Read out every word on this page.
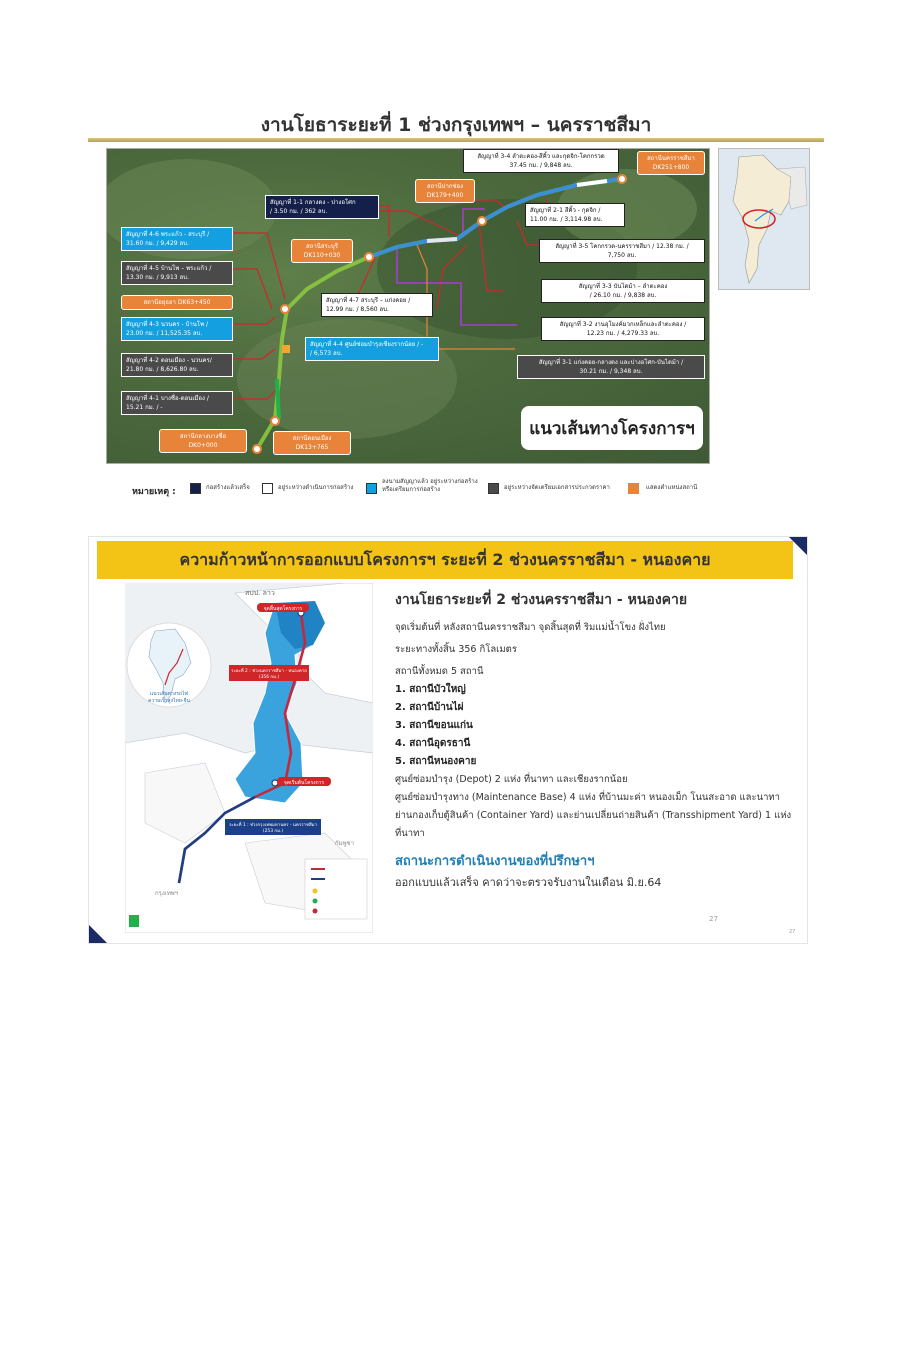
งานโยธาระยะที่ 1 ช่วงกรุงเทพฯ – นครราชสีมา
สัญญาที่ 1-1 กลางดง - ปางอโศก
/ 3.50 กม. / 362 ลบ.
สัญญาที่ 3-4 ลำตะคอง-สีคิ้ว และกุดจิก-โคกกรวด
37.45 กม. / 9,848 ลบ.
สัญญาที่ 2-1 สีคิ้ว - กุดจิก /
11.00 กม. / 3,114.98 ลบ.
สัญญาที่ 3-5 โคกกรวด-นครราชสีมา / 12.38 กม. /
7,750 ลบ.
สัญญาที่ 3-3 บันไดม้า – ลำตะคอง
/ 26.10 กม. / 9,838 ลบ.
สัญญาที่ 3-2 งานอุโมงค์มวกเหล็กและลำตะคอง /
12.23 กม. / 4,279.33 ลบ.
สัญญาที่ 3-1 แก่งคอย-กลางดง และปางอโศก-บันไดม้า /
30.21 กม. / 9,348 ลบ.
สัญญาที่ 4-7 สระบุรี – แก่งคอย /
12.99 กม. / 8,560 ลบ.
สัญญาที่ 4-4 ศูนย์ซ่อมบำรุงเชียงรากน้อย / -
/ 6,573 ลบ.
สัญญาที่ 4-6 พระแก้ว - สระบุรี /
31.60 กม. / 9,429 ลบ.
สัญญาที่ 4-5 บ้านโพ – พระแก้ว /
13.30 กม. / 9,913 ลบ.
สถานีอยุธยา DK63+450
สัญญาที่ 4-3 นวนคร - บ้านโพ /
23.00 กม. / 11,525.35 ลบ.
สัญญาที่ 4-2 ดอนเมือง - นวนคร/
21.80 กม. / 8,626.80 ลบ.
สัญญาที่ 4-1 บางซื่อ-ดอนเมือง /
15.21 กม. / -
สถานีนครราชสีมา
DK251+800
สถานีปากช่อง
DK179+400
สถานีสระบุรี
DK110+030
สถานีกลางบางซื่อ
DK0+000
สถานีดอนเมือง
DK13+765
แนวเส้นทางโครงการฯ
หมายเหตุ :	ก่อสร้างแล้วเสร็จ	อยู่ระหว่างดำเนินการก่อสร้าง
ลงนามสัญญาแล้ว อยู่ระหว่างก่อสร้าง
หรือเตรียมการก่อสร้าง	อยู่ระหว่างจัดเตรียมเอกสารประกวดราคา	แสดงตำแหน่งสถานี
ความก้าวหน้าการออกแบบโครงการฯ ระยะที่ 2 ช่วงนครราชสีมา - หนองคาย
แนวเส้นทางรถไฟ
ความเร็วสูงไทย-จีน
จุดสิ้นสุดโครงการ
จุดเริ่มต้นโครงการ
ระยะที่ 2 : ช่วงนครราชสีมา - หนองคาย
(356 กม.)
ระยะที่ 1 : ช่วงกรุงเทพมหานคร - นครราชสีมา
(253 กม.)
สปป. ลาว
กัมพูชา
กรุงเทพฯ
งานโยธาระยะที่ 2 ช่วงนครราชสีมา - หนองคาย
จุดเริ่มต้นที่ หลังสถานีนครราชสีมา จุดสิ้นสุดที่ ริมแม่น้ำโขง ฝั่งไทย
ระยะทางทั้งสิ้น 356 กิโลเมตร
สถานีทั้งหมด 5 สถานี
1. สถานีบัวใหญ่
2. สถานีบ้านไผ่
3. สถานีขอนแก่น
4. สถานีอุดรธานี
5. สถานีหนองคาย
ศูนย์ซ่อมบำรุง (Depot) 2 แห่ง ที่นาทา และเชียงรากน้อย
ศูนย์ซ่อมบำรุงทาง (Maintenance Base) 4 แห่ง ที่บ้านมะค่า หนองเม็ก โนนสะอาด และนาทา
ย่านกองเก็บตู้สินค้า (Container Yard) และย่านเปลี่ยนถ่ายสินค้า (Transshipment Yard) 1 แห่ง
ที่นาทา
สถานะการดำเนินงานของที่ปรึกษาฯ
ออกแบบแล้วเสร็จ คาดว่าจะตรวจรับงานในเดือน มิ.ย.64
27
27
